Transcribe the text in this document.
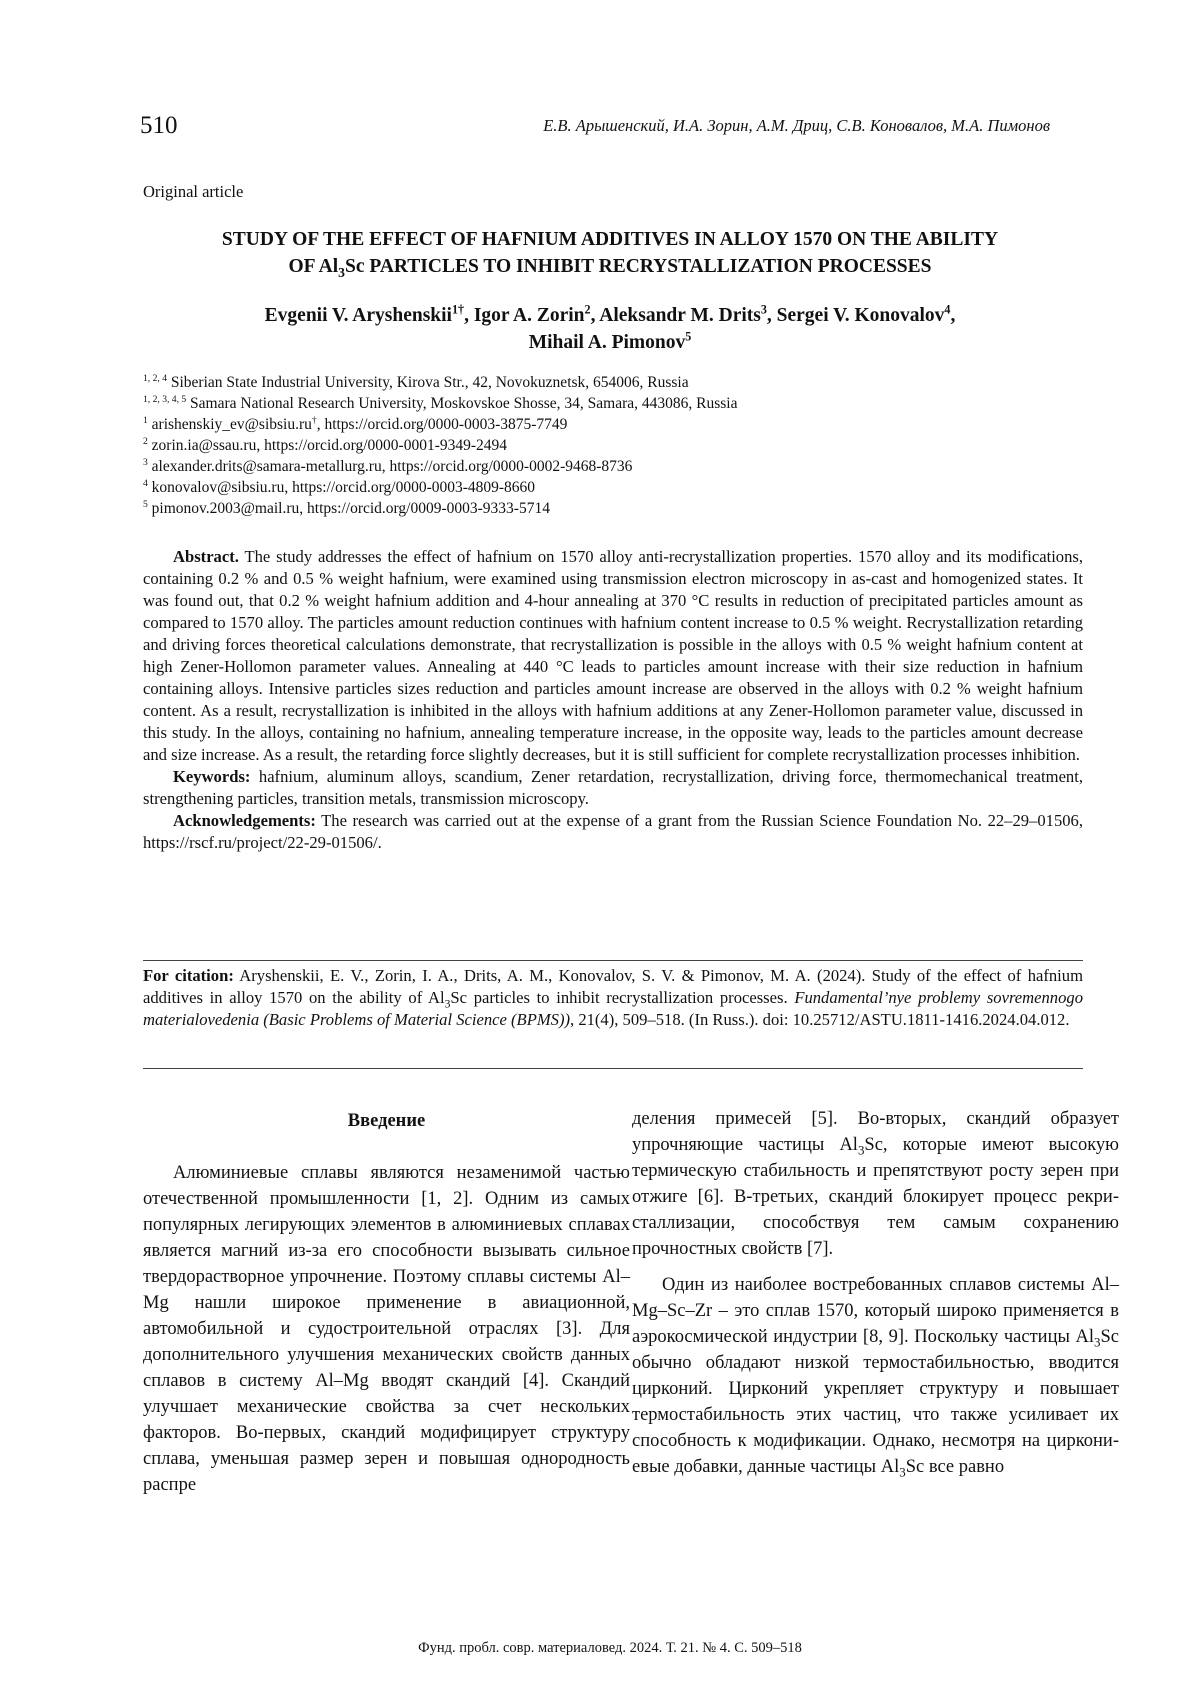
510	Е.В. Арышенский, И.А. Зорин, А.М. Дриц, С.В. Коновалов, М.А. Пимонов
Original article
STUDY OF THE EFFECT OF HAFNIUM ADDITIVES IN ALLOY 1570 ON THE ABILITY
OF $Al_3Sc$ PARTICLES TO INHIBIT RECRYSTALLIZATION PROCESSES
Evgenii V. Aryshenskii$^{1\dagger}$, Igor A. Zorin$^2$, Aleksandr M. Drits$^3$, Sergei V. Konovalov$^4$,
Mihail A. Pimonov$^5$
$^{1, 2, 4}$ Siberian State Industrial University, Kirova Str., 42, Novokuznetsk, 654006, Russia
$^{1, 2, 3, 4, 5}$ Samara National Research University, Moskovskoe Shosse, 34, Samara, 443086, Russia
$^1$ arishenskiy_ev@sibsiu.ru†, https://orcid.org/0000-0003-3875-7749
$^2$ zorin.ia@ssau.ru, https://orcid.org/0000-0001-9349-2494
$^3$ alexander.drits@samara-metallurg.ru, https://orcid.org/0000-0002-9468-8736
$^4$ konovalov@sibsiu.ru, https://orcid.org/0000-0003-4809-8660
$^5$ pimonov.2003@mail.ru, https://orcid.org/0009-0003-9333-5714

Abstract. The study addresses the effect of hafnium on 1570 alloy anti-recrystallization properties. 1570 alloy and its modifications, containing 0.2 % and 0.5 % weight hafnium, were examined using transmission electron microscopy in as-cast and homogenized states. It was found out, that 0.2 % weight hafnium addition and 4-hour annealing at 370 °C results in reduction of precipitated particles amount as compared to 1570 alloy. The particles amount reduction continues with hafnium content increase to 0.5 % weight. Recrystallization retarding and driving forces theoretical calculations demonstrate, that recrystallization is possible in the alloys with 0.5 % weight hafnium content at high Zener-Hollomon parameter values. Annealing at 440 °C leads to particles amount increase with their size reduction in hafnium containing alloys. Intensive particles sizes reduction and particles amount increase are observed in the alloys with 0.2 % weight hafnium content. As a result, recrystallization is inhibited in the alloys with hafnium additions at any Zener-Hollomon parameter value, discussed in this study. In the alloys, containing no hafnium, annealing temperature increase, in the opposite way, leads to the particles amount decrease and size increase. As a result, the retarding force slightly decreases, but it is still sufficient for complete recrystallization processes inhibition.

Keywords: hafnium, aluminum alloys, scandium, Zener retardation, recrystallization, driving force, thermomechanical treatment, strengthening particles, transition metals, transmission microscopy.

Acknowledgements: The research was carried out at the expense of a grant from the Russian Science Foundation No. 22–29–01506, https://rscf.ru/project/22-29-01506/.

For citation: Aryshenskii, E. V., Zorin, I. A., Drits, A. M., Konovalov, S. V. & Pimonov, M. A. (2024). Study of the effect of hafnium additives in alloy 1570 on the ability of $Al_3Sc$ particles to inhibit recrystallization processes. Fundamental’nye problemy sovremennogo materialovedenia (Basic Problems of Material Science (BPMS)), 21(4), 509–518. (In Russ.). doi: 10.25712/ASTU.1811-1416.2024.04.012.
Введение

Алюминиевые сплавы являются незаменимой частью отечественной промышленности [1, 2]. Одним из самых популярных легирующих элементов в алюминиевых сплавах является магний из-за его способности вызывать сильное твердорастворное упрочнение. Поэтому сплавы системы Al–Mg нашли широкое применение в авиационной, автомобильной и судостроительной отраслях [3]. Для дополнительного улучшения механических свойств данных сплавов в систему Al–Mg вводят скандий [4]. Скандий улучшает механические свойства за счет нескольких факторов. Во-первых, скандий модифицирует структуру сплава, уменьшая размер зерен и повышая однородность распре

деления примесей [5]. Во-вторых, скандий образует упрочняющие частицы $Al_3Sc$, которые имеют высокую термическую стабильность и препятствуют росту зерен при отжиге [6]. В-третьих, скандий блокирует процесс рекристаллизации, способствуя тем самым сохранению прочностных свойств [7].

Один из наиболее востребованных сплавов системы Al–Mg–Sc–Zr – это сплав 1570, который широко применяется в аэрокосмической индустрии [8, 9]. Поскольку частицы $Al_3Sc$ обычно обладают низкой термостабильностью, вводится цирконий. Цирконий укрепляет структуру и повышает термостабильность этих частиц, что также усиливает их способность к модификации. Однако, несмотря на циркониевые добавки, данные частицы $Al_3Sc$ все равно

Фунд. пробл. совр. материаловед. 2024. Т. 21. № 4. С. 509–518
